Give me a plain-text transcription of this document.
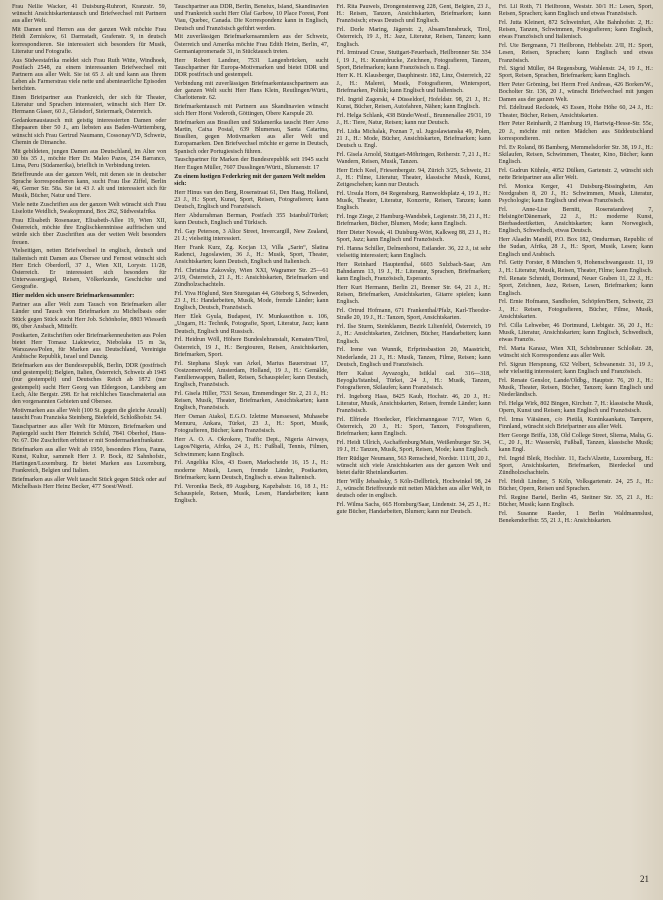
Frau Nellie Wacker, 41 Duisburg-Ruhrort, Kranzstr. 59, wünscht Ansichtskartentausch und Briefwechsel mit Partnern aus aller Welt.

Mit Damen und Herren aus der ganzen Welt möchte Frau Heidi Zerniskow, 61 Darmstadt, Grafenstr. 9, in deutsch korrespondieren. Sie interessiert sich besonders für Musik, Literatur und Fotografie.

Aus Südwestafrika meldet sich Frau Ruth Witte, Windhoek, Postfach 2548, zu einem interessanten Briefwechsel mit Partnern aus aller Welt. Sie ist 65 J. alt und kann aus Ihrem Leben als Farmerstrau viele nette und abenteuerliche Episoden berichten.

Einen Brieipartner aus Frankreich, der sich für Theater, Literatur und Sprachen interessiert, wünscht sich Herr Dr. Hermann Glaser, 60 J., Gleisdorf, Steiermark, Österreich.

Gedankenaustausch mit geistig interessierten Damen oder Ehepaaren über 50 J., am liebsten aus Baden-Württemberg, wünscht sich Frau Gertrud Naumann, Cossonay/VD, Schweiz, Chemin de Dimanche.

Mit gebildeten, jungen Damen aus Deutschland, im Alter von 30 bis 35 J., möchte Herr Dr. Maleo Pazos, 254 Barranco, Lima, Peru (Südamerika), brieflich in Verbindung treten.

Brieffreunde aus der ganzen Welt, mit denen sie in deutscher Sprache korrespondieren kann, sucht Frau Ilse Ziffel, Berlin 46, Gerner Str. 58a. Sie ist 43 J. alt und interessiert sich für Musik, Bücher, Natur und Tiere.

Viele nette Zuschriften aus der ganzen Welt wünscht sich Frau Liselotte Weidlich, Swakopmund, Box 262, Südwestafrika.

Frau Elisabeth Rosenauer, Elisabeth-Allee 19, Wien XII, Österreich, möchte ihre Englischkenntnisse auffrischen und würde sich über Zuschriften aus der weiten Welt besonders freuen.

Vielseitigen, netten Briefwechsel in englisch, deutsch und italienisch mit Damen aus Übersee und Fernost wünscht sich Herr Erich Oberdorfl, 37 J., Wien XII, Lorystr. 11/28, Österreich. Er interessiert sich besonders für Unterwassergjagd, Reisen, Völkerkunde, Geschichte und Geografie.

Hier melden sich unsere Briefmarkensammler:

Partner aus aller Welt zum Tausch von Briefmarken aller Länder und Tausch von Briefmarken zu Michelbasis oder Stück gegen Stück sucht Herr Job. Schönhofer, 8803 Wiesseth 86, über Ansbach, Mittelfr.

Postkarten, Zeitschriften oder Briefmarkenneuheiten aus Polen bietet Herr Tomasz Liakiewicz, Niebolaka 15 m 3a, Warszawa/Polen, für Marken aus Deutschland, Vereinigte Arabische Republik, Israel und Danzig.

Briefmarken aus der Bundesrepublik, Berlin, DDR (postfrisch und gestempelt); Belgien, Italien, Österreich, Schweiz ab 1945 (nur gestempelt) und Deutsches Reich ab 1872 (nur gestempelt) sucht Herr Georg van Eldergoon, Landsberg am Lech, Alte Bergstr. 298. Er hat reichliches Tauschmaterial aus den vorgenannten Gebieten und Obersee.

Motivmarken aus aller Welt (100 St. gegen die gleiche Anzahl) tauscht Frau Franziska Steinberg, Bielefeld, Schloßhofstr. 54.

Tauschpartner aus aller Welt für Münzen, Briefmarken und Papiergeld sucht Herr Heinrich Schild, 7841 Oberhof, Haus-Nr. 67. Die Zuschriften erbittet er mit Sondermarkenfrankatur.

Briefmarken aus aller Welt ab 1950, besonders Flora, Fauna, Kunst, Kultur, sammelt Herr J. P. Bock, 82 Sahnhofstr., Hartingen/Luxemburg. Er bietet Marken aus Luxemburg, Frankreich, Belgien und Italien.

Briefmarken aus aller Welt tauscht Stück gegen Stück oder auf Michelbasis Herr Heinz Becker, 477 Soest/Westf.

Tauschpartner aus DDR, Berlin, Benelux, Island, Skandinavien und Frankreich sucht Herr Olaf Garbow, 10 Place Forest, Pont Viau, Quebec, Canada. Die Korrespondenz kann in Englisch, Deutsch und Französisch geführt werden.

Mit zuverlässigen Briefmarkensammlern aus der Schweiz, Österreich und Amerika möchte Frau Edith Heim, Berlin, 47, Germaniapromenade 31, in Stücktausch treten.

Herr Robert Landner, 7531 Langenbrücken, sucht Tauschpartner für Europa-Motivmarken und bietet DDR und DDR postfrisch und gestempelt.

Verbindung mit zuverlässigen Briefmarkentauschpartnern aus der ganzen Welt sucht Herr Hans Klein, Reutlingen/Württ., Charlottenstr. 62.

Briefmarkentausch mit Partnern aus Skandinavien wünscht sich Herr Horst Voderoth, Göttingen, Obere Karspule 20.

Briefmarken aus Brasilien und Südamerika tauscht Herr Arno Martin, Caixa Postal, 639 Blumenau, Santa Catarina, Brasilien, gegen Motivmarken aus aller Welt und Europamarken. Den Briefwechsel möchte er gerne in Deutsch, Spanisch oder Portugiesisch führen.

Tauschpartner für Marken der Bundesrepublik seit 1945 sucht Herr Eugen Müller, 7607 Dusslingen/Württ., Blumenstr. 17

Zu einem lustigen Federkrieg mit der ganzen Welt melden sich:

Herr Hinus van den Berg, Rosenstraat 61, Den Haag, Holland, 23 J., H.: Sport, Kunst, Sport, Reisen, Fotografieren; kann Deutsch, Englisch und Französisch.

Herr Abdurrahman Berman, Postfach 355 Istanbul/Türkei; kann Deutsch, Englisch und Türkisch.

Frl. Gay Peterson, 3 Alice Street, Invercargill, New Zealand, 21 J.; vielseitig interessiert.

Herr Frank Kurz, Zg. Kocjan 13, Villa „Sarin“, Slatina Radenci, Jugoslawien, 36 J., H.: Musik, Sport, Theater, Ansichtskarten; kann Deutsch, Englisch und Italienisch.

Frl. Christina Zakovsky, Wien XXI, Wagramer Str. 25—61 2/19, Österreich, 21 J., H.: Ansichtskarten, Briefmarken und Zündholzschachteln.

Frl. Yiva Höglund, Sten Sturegatan 44, Göteborg S, Schweden, 23 J., H.: Handarbeiten, Musik, Mode, fremde Länder; kann Englisch, Deutsch, Französisch.

Herr Elek Gyula, Budapest, IV. Munkasotthon u. 106, „Ungarn, H.: Technik, Fotografie, Sport, Literatur, Jazz; kann Deutsch, Englisch und Russisch.

Frl. Heidrun Wöll, Höhere Bundeslehranstalt, Kematen/Tirol, Österreich, 19 J., H.: Bergtouren, Reisen, Ansichtskarten, Briefmarken, Sport.

Frl. Stephana Sluyk van Arkel, Marius Bauerstraat 17, Oostzomerveld, Amsterdam, Holland, 19 J., H.: Gemälde, Familienwappen, Ballett, Reisen, Schauspieler; kann Deutsch, Englisch, Französisch.

Frl. Gisela Hiller, 7531 Sexau, Emmendinger Str. 2, 21 J., H.: Reisen, Musik, Theater, Briefmarken, Ansichtskarten; kann Englisch, Französisch.

Herr Osman Atakol, E.G.O. Izletme Muessesesi, Muhasebe Memuru, Ankara, Türkei, 23 J., H.: Sport, Musik, Fotografieren, Bücher; kann Französisch.

Herr A. O. A. Okrokere, Traffic Dept., Nigeria Airways, Lagos/Nigeria, Afrika, 24 J., H.: Fußball, Tennis, Filmen, Schwimmen; kann Englisch.

Frl. Angelika Klos, 43 Essen, Markscheide 16, 15 J., H.: moderne Musik, Lesen, fremde Länder, Postkarten, Briefmarken; kann Deutsch, Englisch u. etwas Italienisch.

Frl. Veronika Beck, 89 Augsburg, Kapzbahstr. 16, 18 J., H.: Schauspiele, Reisen, Musik, Lesen, Handarbeiten; kann Englisch.

Frl. Rita Pauwels, Drongenstenweg 228, Gent, Belgien, 23 J., H.: Reisen, Tanzen, Ansichtskarten, Briefmarken; kann Französisch; etwas Deutsch und Englisch.

Frl. Dorle Maring, Jägerstr. 2, Absam/Innsbruck, Tirol, Österreich, 19 J., H.: Jazz, Literatur, Reisen, Tanzen; kann Englisch.

Frl. Irmtraud Cruse, Stuttgart-Feuerbach, Heilbronner Str. 334 f, 19 J., H.: Kunstdrucke, Zeichnen, Fotografieren, Tanzen, Sport, Briefmarken; kann Französisch u. Engl.

Herr K. H. Klausberger, Dauphinestr. 182, Linz, Österreich, 22 J., H.: Malerei, Musik, Fotografieren, Wintersport, Briefmarken, Politik; kann Englisch und Italienisch.

Frl. Ingrid Zagorski, 4 Düsseldorf, Hofeldstr. 98, 21 J., H.: Kunst, Bücher, Reisen, Autofahren, Nähen; kann Englisch.

Frl. Helga Schlank, 438 Bünde/Westf., Brunnenallee 29/31, 19 J., H.: Tiere, Natur, Reisen; kann nur Deutsch.

Frl. Lidia Michalak, Poznan 7, ul. Jugoslawianska 49, Polen, 21 J., H.: Mode, Bücher, Ansichtskarten, Briefmarken; kann Deutsch u. Engl.

Frl. Gisela Arnold, Stuttgart-Möhringen, Reiherstr. 7, 21 J., H.: Wandern, Reisen, Musik, Tanzen.

Herr Erich Keel, Friesenbergstr. 94, Zürich 3/25, Schweiz, 21 J., H.: Filme, Literatur, Theater, klassische Musik, Kunst, Zeitgeschehen; kann nur Deutsch.

Frl. Ursula Horn, 84 Regensburg, Ramwoldsplatz 4, 19 J., H.: Musik, Theater, Literatur, Konzerte, Reisen, Tanzen; kann Englisch.

Frl. Inge Ziege, 2 Hamburg-Wandsbek, Legienstr. 38, 21 J., H.: Briefmarken, Bücher, Blumen, Mode; kann Englisch.

Herr Dieter Nowak, 41 Duisburg-Wört, Kalkweg 88, 23 J., H.: Sport, Jazz; kann Englisch und Französisch.

Frl. Hanna Schiller, Delmenhorst, Estlander. 36, 22 J., ist sehr vielseitig interessiert; kann Englisch.

Herr Reinhard Hauptenthal, 6603 Sulzbach-Saar, Am Bahndamm 13, 19 J., H.: Literatur, Sprachen, Briefmarken; kann Englisch, Französisch, Esperanto.

Herr Kurt Hermann, Berlin 21, Bremer Str. 64, 21 J., H.: Reisen, Briefmarken, Ansichtskarten, Gitarre spielen; kann Englisch.

Frl. Ortrud Hofmann, 671 Frankenthal/Pfalz, Karl-Theodor-Straße 20, 19 J., H.: Tanzen, Sport, Ansichtskarten.

Frl. Ilse Sturm, Steinklamm, Bezirk Lilienfeld, Österreich, 19 J., H.: Ansichtskarten, Zeichnen, Bücher, Handarbeiten; kann Englisch.

Frl. Irene van Wunnik, Erfprinsbastion 20, Maastricht, Niederlande, 21 J., H.: Musik, Tanzen, Filme, Reisen; kann Deutsch, Englisch und Französisch.

Herr Kalust Ayvazoglu, Istiklal cad. 316—318, Beyoglu/Istanbul, Türkei, 24 J., H.: Musik, Tanzen, Fotografieren, Skilaufen; kann Französisch.

Frl. Ingeborg Haas, 8425 Kaub, Hochstr. 46, 20 J., H.: Literatur, Musik, Ansichtskarten, Reisen, fremde Länder; kann Französisch.

Frl. Elfriede Hoedecker, Fleichmanngasse 7/17, Wien 6, Österreich, 20 J., H.: Sport, Tanzen, Fotografieren, Briefmarken; kann Englisch.

Frl. Heidi Ullrich, Aschaffenburg/Main, Weißenburger Str. 34, 19 J., H.: Tanzen, Musik, Sport, Reisen, Mode; kann Englisch.

Herr Rüdiger Neumann, 563 Remscheid, Nordstr. 111/II, 20 J., wünscht sich viele Ansichtskarten aus der ganzen Welt und bietet dafür Rheinlandkarten.

Herr Willy Jebashsky, 5 Köln-Dellbrück, Hochwinkel 98, 24 J., wünscht Brieffreunde mit netten Mädchen aus aller Welt, in deutsch oder in englisch.

Frl. Wilma Sachs, 665 Homburg/Saar, Lindenstr. 34, 25 J., H.: gute Bücher, Handarbeiten, Blumen; kann nur Deutsch.

Frl. Lil Roth, 71 Heilbronn, Weststr. 30/1 H.: Lesen, Sport, Reisen, Sprachen; kann Englisch und etwas Französisch.

Frl. Jutta Kleinert, 872 Schweinfurt, Alte Bahnhofstr. 2, H.: Reisen, Tanzen, Schwimmen, Fotografieren; kann Englisch, etwas Französisch und Italienisch.

Frl. Ute Bergmann, 71 Heilbronn, Hebbelstr. 2/II, H.: Sport, Lesen, Reisen, Sprachen; kann Englisch und etwas Französisch.

Frl. Sigrid Müller, 84 Regensburg, Wahlenstr. 24, 19 J., H.: Sport, Reisen, Sprachen, Briefmarken; kann Englisch.

Herr Peter Gröming, bei Herrn Fred Andreas, 426 Borken/W., Bocholter Str. 136, 20 J., wünscht Briefwechsel mit jungen Damen aus der ganzen Welt.

Frl. Edeltraud Reckstek, 43 Essen, Hohe Höhe 60, 24 J., H.: Theater, Bücher, Reisen, Ansichtskarten.

Herr Peter Reinhardt, 2 Hamburg 19, Hartwig-Hesse-Str. 55c, 20 J., möchte mit netten Mädchen aus Süddeutschland korrespondieren.

Frl. Ev Roland, 86 Bamberg, Memmelsdorfer Str. 38, 19 J., H.: Skilaufen, Reisen, Schwimmen, Theater, Kino, Bücher; kann Englisch.

Frl. Gudrun Kühnle, 4052 Dülken, Gartenstr. 2, wünscht sich nette Brieipartner aus aller Welt.

Frl. Monica Kerger, 41 Duisburg-Bissingheim, Am Nordgraben 8, 20 J., H.: Schwimmen, Musik, Literatur, Psychologie; kann Englisch und etwas Französisch.

Frl. Anne-Lise Bernitt, Rosenstandsvej 7, Helsingör/Dänemark, 22 J., H.: moderne Kunst, Bierbasdeetiketten, Ansichtskarten; kann Norwegisch, Englisch, Schwedisch, etwas Deutsch.

Herr Alaadin Mandil, P.O. Box 182, Omdurman, Republic of the Sudan, Afrika, 28 J., H.: Sport, Musik, Lesen; kann Englisch und Arabisch.

Frl. Getty Forster, 8 München 9, Hohenschwangaustr. 11, 19 J., H.: Literatur, Musik, Reisen, Theater, Filme; kann Englisch.

Frl. Renate Schmidt, Dortmund, Neuer Graben 11, 22 J., H.: Sport, Zeichnen, Jazz, Reisen, Lesen, Briefmarken; kann Englisch.

Frl. Ernie Hofmann, Sandhofen, Schöpfen/Bern, Schweiz, 23 J., H.: Reisen, Fotografieren, Bücher, Filme, Musik, Ansichtskarten.

Frl. Cilla Lehweber, 46 Dortmund, Liebigstr. 36, 20 J., H.: Musik, Literatur, Ansichtskarten; kann Englisch, Schwedisch, etwas Französ.

Frl. Marta Karasz, Wien XII, Schönbrunner Schloßstr. 28, wünscht sich Korrespondenz aus aller Welt.

Frl. Sigrun Herspnung, 632 Velbert, Schwanenstr. 31, 19 J., sehr vielseitig interessiert; kann Englisch und Französisch.

Frl. Renate Genslor, Lande/Oldbg., Hauptstr. 76, 20 J., H.: Musik, Theater, Reisen, Bücher, Tanzen; kann Englisch und Niederländisch.

Frl. Helga Wirk, 802 Bingen, Kirchstr. 7, H.: klassische Musik, Opern, Kunst und Reisen; kann Englisch und Französisch.

Frl. Irma Väisänen, c/o Pietilä, Kuninkaankatu, Tampere, Finnland, wünscht sich Briefpartner aus aller Welt.

Herr George Briffa, 138, Old College Street, Sliema, Malta, G. C., 20 J., H.: Wasserski, Fußball, Tanzen, klassische Musik; kann Engl.

Frl. Ingrid Bleik, Hochlstr. 11, Esch/Alzette, Luxemburg, H.: Sport, Ansichtskarten, Briefmarken, Bierdeckel und Zündholzschachteln.

Frl. Heidi Lindner, 5 Köln, Volksgartenstr. 24, 25 J., H.: Bücher, Opern, Reisen und Sprachen.

Frl. Regine Bartel, Berlin 45, Steitner Str. 35, 21 J., H.: Bücher, Musik; kann Englisch.

Frl. Susanne Raeder, 1 Berlin Waldmannslust, Benekendorffstr. 55, 21 J., H.: Ansichtskarten.

21
